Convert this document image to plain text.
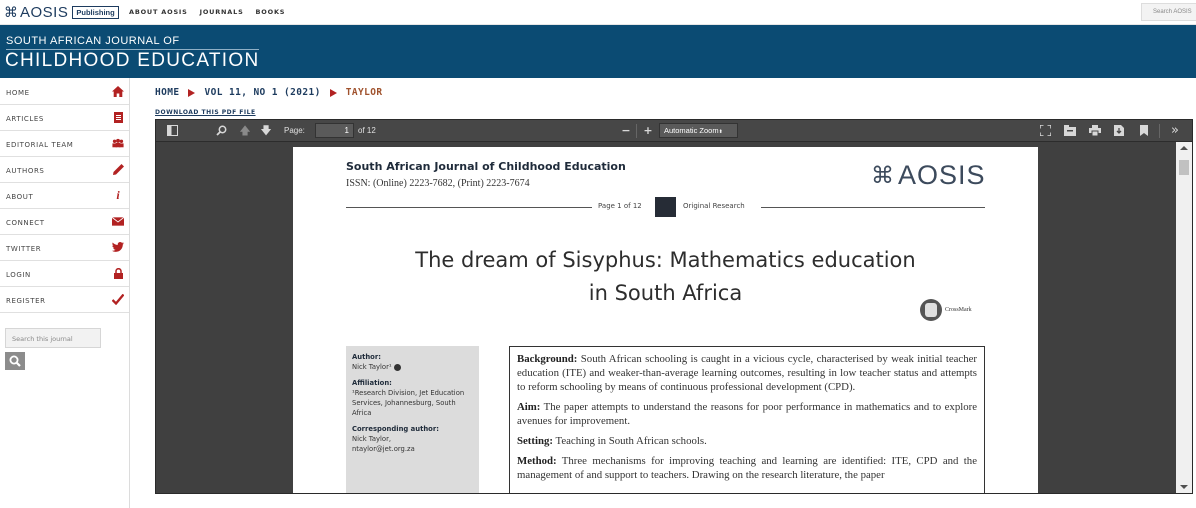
⌘ AOSIS	Publishing	ABOUT AOSIS JOURNALS BOOKS	Search AOSIS
SOUTH AFRICAN JOURNAL OF
CHILDHOOD EDUCATION
HOME
ARTICLES
EDITORIAL TEAM
AUTHORS
ABOUT	i
CONNECT
TWITTER
LOGIN
REGISTER
Search this journal
HOME	VOL 11, NO 1 (2021)	TAYLOR
DOWNLOAD THIS PDF FILE
🡅 🡇 Page:	1	of 12	− +	Automatic Zoom⬍	»
South African Journal of Childhood Education
ISSN: (Online) 2223-7682, (Print) 2223-7674	⌘ AOSIS
Page 1 of 12	Original Research
The dream of Sisyphus: Mathematics education
in South Africa
CrossMark
Author:
Nick Taylor¹
Affiliation:
¹Research Division, Jet Education Services, Johannesburg, South Africa
Corresponding author:
Nick Taylor,
ntaylor@jet.org.za

Background: South African schooling is caught in a vicious cycle, characterised by weak initial teacher education (ITE) and weaker-than-average learning outcomes, resulting in low teacher status and attempts to reform schooling by means of continuous professional development (CPD).

Aim: The paper attempts to understand the reasons for poor performance in mathematics and to explore avenues for improvement.

Setting: Teaching in South African schools.

Method: Three mechanisms for improving teaching and learning are identified: ITE, CPD and the management of and support to teachers. Drawing on the research literature, the paper
